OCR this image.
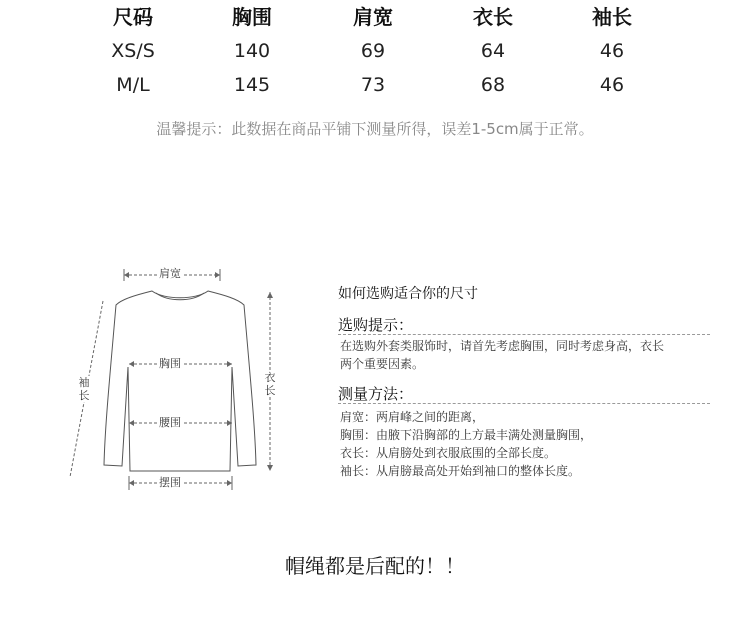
尺码	胸围	肩宽	衣长	袖长
XS/S	140	69	64	46
M/L	145	73	68	46
温馨提示：此数据在商品平铺下测量所得，误差1-5cm属于正常。
肩宽
胸围
腰围
摆围
袖
长
衣
长
如何选购适合你的尺寸
选购提示：
在选购外套类服饰时，请首先考虑胸围，同时考虑身高，衣长
两个重要因素。
测量方法：
肩宽：两肩峰之间的距离，
胸围：由腋下沿胸部的上方最丰满处测量胸围，
衣长：从肩膀处到衣服底围的全部长度。
袖长：从肩膀最高处开始到袖口的整体长度。
帽绳都是后配的！！
